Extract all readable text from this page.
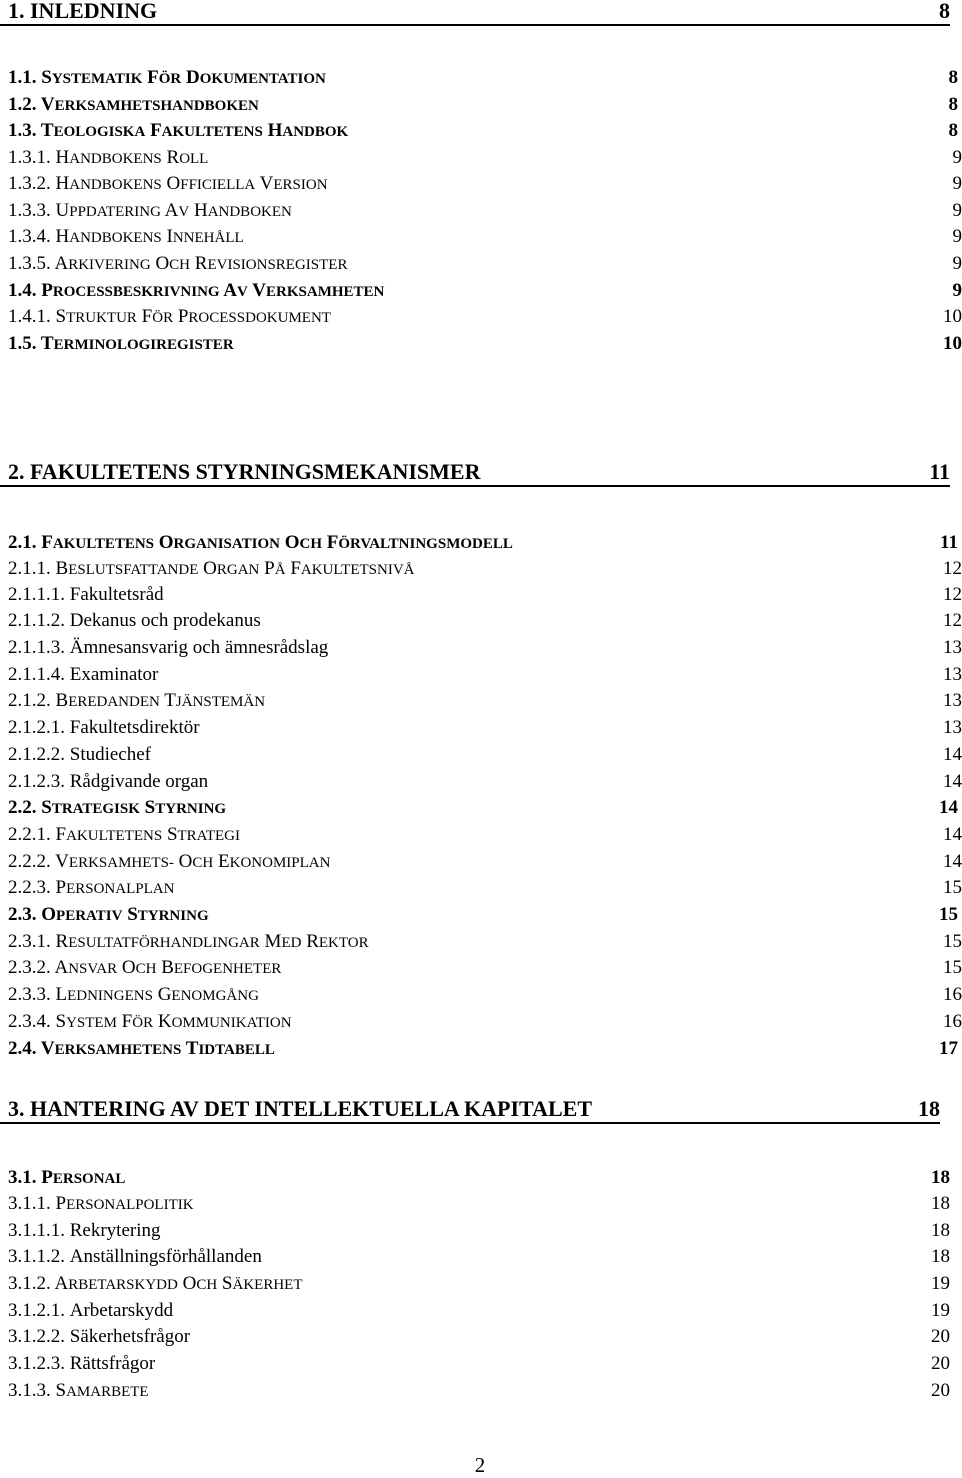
1. INLEDNING	8
1.1. SYSTEMATIK FÖR DOKUMENTATION	8
1.2. VERKSAMHETSHANDBOKEN	8
1.3. TEOLOGISKA FAKULTETENS HANDBOK	8
1.3.1. HANDBOKENS ROLL	9
1.3.2. HANDBOKENS OFFICIELLA VERSION	9
1.3.3. UPPDATERING AV HANDBOKEN	9
1.3.4. HANDBOKENS INNEHÅLL	9
1.3.5. ARKIVERING OCH REVISIONSREGISTER	9
1.4. PROCESSBESKRIVNING AV VERKSAMHETEN	9
1.4.1. STRUKTUR FÖR PROCESSDOKUMENT	10
1.5. TERMINOLOGIREGISTER	10
2. FAKULTETENS STYRNINGSMEKANISMER	11
2.1. FAKULTETENS ORGANISATION OCH FÖRVALTNINGSMODELL	11
2.1.1. BESLUTSFATTANDE ORGAN PÅ FAKULTETSNIVÅ	12
2.1.1.1. Fakultetsråd	12
2.1.1.2. Dekanus och prodekanus	12
2.1.1.3. Ämnesansvarig och ämnesrådslag	13
2.1.1.4. Examinator	13
2.1.2. BEREDANDEN TJÄNSTEMÄN	13
2.1.2.1. Fakultetsdirektör	13
2.1.2.2. Studiechef	14
2.1.2.3. Rådgivande organ	14
2.2. STRATEGISK STYRNING	14
2.2.1. FAKULTETENS STRATEGI	14
2.2.2. VERKSAMHETS- OCH EKONOMIPLAN	14
2.2.3. PERSONALPLAN	15
2.3. OPERATIV STYRNING	15
2.3.1. RESULTATFÖRHANDLINGAR MED REKTOR	15
2.3.2. ANSVAR OCH BEFOGENHETER	15
2.3.3. LEDNINGENS GENOMGÅNG	16
2.3.4. SYSTEM FÖR KOMMUNIKATION	16
2.4. VERKSAMHETENS TIDTABELL	17
3. HANTERING AV DET INTELLEKTUELLA KAPITALET	18
3.1. PERSONAL	18
3.1.1. PERSONALPOLITIK	18
3.1.1.1. Rekrytering	18
3.1.1.2. Anställningsförhållanden	18
3.1.2. ARBETARSKYDD OCH SÄKERHET	19
3.1.2.1. Arbetarskydd	19
3.1.2.2. Säkerhetsfrågor	20
3.1.2.3. Rättsfrågor	20
3.1.3. SAMARBETE	20
2
